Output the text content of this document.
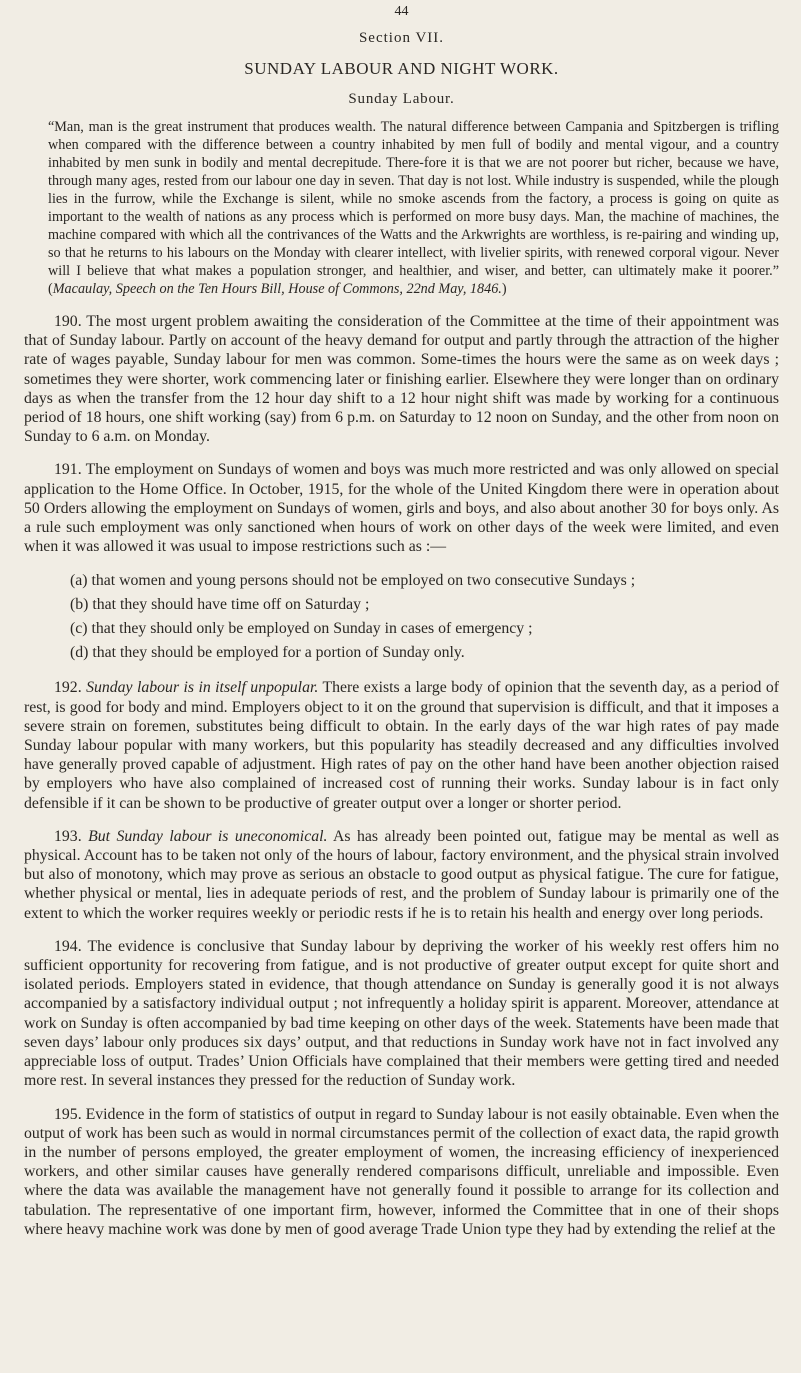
44
Section VII.
SUNDAY LABOUR AND NIGHT WORK.
Sunday Labour.
“Man, man is the great instrument that produces wealth. The natural difference between Campania and Spitzbergen is trifling when compared with the difference between a country inhabited by men full of bodily and mental vigour, and a country inhabited by men sunk in bodily and mental decrepitude. There-fore it is that we are not poorer but richer, because we have, through many ages, rested from our labour one day in seven. That day is not lost. While industry is suspended, while the plough lies in the furrow, while the Exchange is silent, while no smoke ascends from the factory, a process is going on quite as important to the wealth of nations as any process which is performed on more busy days. Man, the machine of machines, the machine compared with which all the contrivances of the Watts and the Arkwrights are worthless, is re-pairing and winding up, so that he returns to his labours on the Monday with clearer intellect, with livelier spirits, with renewed corporal vigour. Never will I believe that what makes a population stronger, and healthier, and wiser, and better, can ultimately make it poorer.” (Macaulay, Speech on the Ten Hours Bill, House of Commons, 22nd May, 1846.)

190. The most urgent problem awaiting the consideration of the Committee at the time of their appointment was that of Sunday labour. Partly on account of the heavy demand for output and partly through the attraction of the higher rate of wages payable, Sunday labour for men was common. Some-times the hours were the same as on week days ; sometimes they were shorter, work commencing later or finishing earlier. Elsewhere they were longer than on ordinary days as when the transfer from the 12 hour day shift to a 12 hour night shift was made by working for a continuous period of 18 hours, one shift working (say) from 6 p.m. on Saturday to 12 noon on Sunday, and the other from noon on Sunday to 6 a.m. on Monday.

191. The employment on Sundays of women and boys was much more restricted and was only allowed on special application to the Home Office. In October, 1915, for the whole of the United Kingdom there were in operation about 50 Orders allowing the employment on Sundays of women, girls and boys, and also about another 30 for boys only. As a rule such employment was only sanctioned when hours of work on other days of the week were limited, and even when it was allowed it was usual to impose restrictions such as :—

(a) that women and young persons should not be employed on two consecutive Sundays ;
(b) that they should have time off on Saturday ;
(c) that they should only be employed on Sunday in cases of emergency ;
(d) that they should be employed for a portion of Sunday only.

192. Sunday labour is in itself unpopular. There exists a large body of opinion that the seventh day, as a period of rest, is good for body and mind. Employers object to it on the ground that supervision is difficult, and that it imposes a severe strain on foremen, substitutes being difficult to obtain. In the early days of the war high rates of pay made Sunday labour popular with many workers, but this popularity has steadily decreased and any difficulties involved have generally proved capable of adjustment. High rates of pay on the other hand have been another objection raised by employers who have also complained of increased cost of running their works. Sunday labour is in fact only defensible if it can be shown to be productive of greater output over a longer or shorter period.

193. But Sunday labour is uneconomical. As has already been pointed out, fatigue may be mental as well as physical. Account has to be taken not only of the hours of labour, factory environment, and the physical strain involved but also of monotony, which may prove as serious an obstacle to good output as physical fatigue. The cure for fatigue, whether physical or mental, lies in adequate periods of rest, and the problem of Sunday labour is primarily one of the extent to which the worker requires weekly or periodic rests if he is to retain his health and energy over long periods.

194. The evidence is conclusive that Sunday labour by depriving the worker of his weekly rest offers him no sufficient opportunity for recovering from fatigue, and is not productive of greater output except for quite short and isolated periods. Employers stated in evidence, that though attendance on Sunday is generally good it is not always accompanied by a satisfactory individual output ; not infrequently a holiday spirit is apparent. Moreover, attendance at work on Sunday is often accompanied by bad time keeping on other days of the week. Statements have been made that seven days’ labour only produces six days’ output, and that reductions in Sunday work have not in fact involved any appreciable loss of output. Trades’ Union Officials have complained that their members were getting tired and needed more rest. In several instances they pressed for the reduction of Sunday work.

195. Evidence in the form of statistics of output in regard to Sunday labour is not easily obtainable. Even when the output of work has been such as would in normal circumstances permit of the collection of exact data, the rapid growth in the number of persons employed, the greater employment of women, the increasing efficiency of inexperienced workers, and other similar causes have generally rendered comparisons difficult, unreliable and impossible. Even where the data was available the management have not generally found it possible to arrange for its collection and tabulation. The representative of one important firm, however, informed the Committee that in one of their shops where heavy machine work was done by men of good average Trade Union type they had by extending the relief at the
